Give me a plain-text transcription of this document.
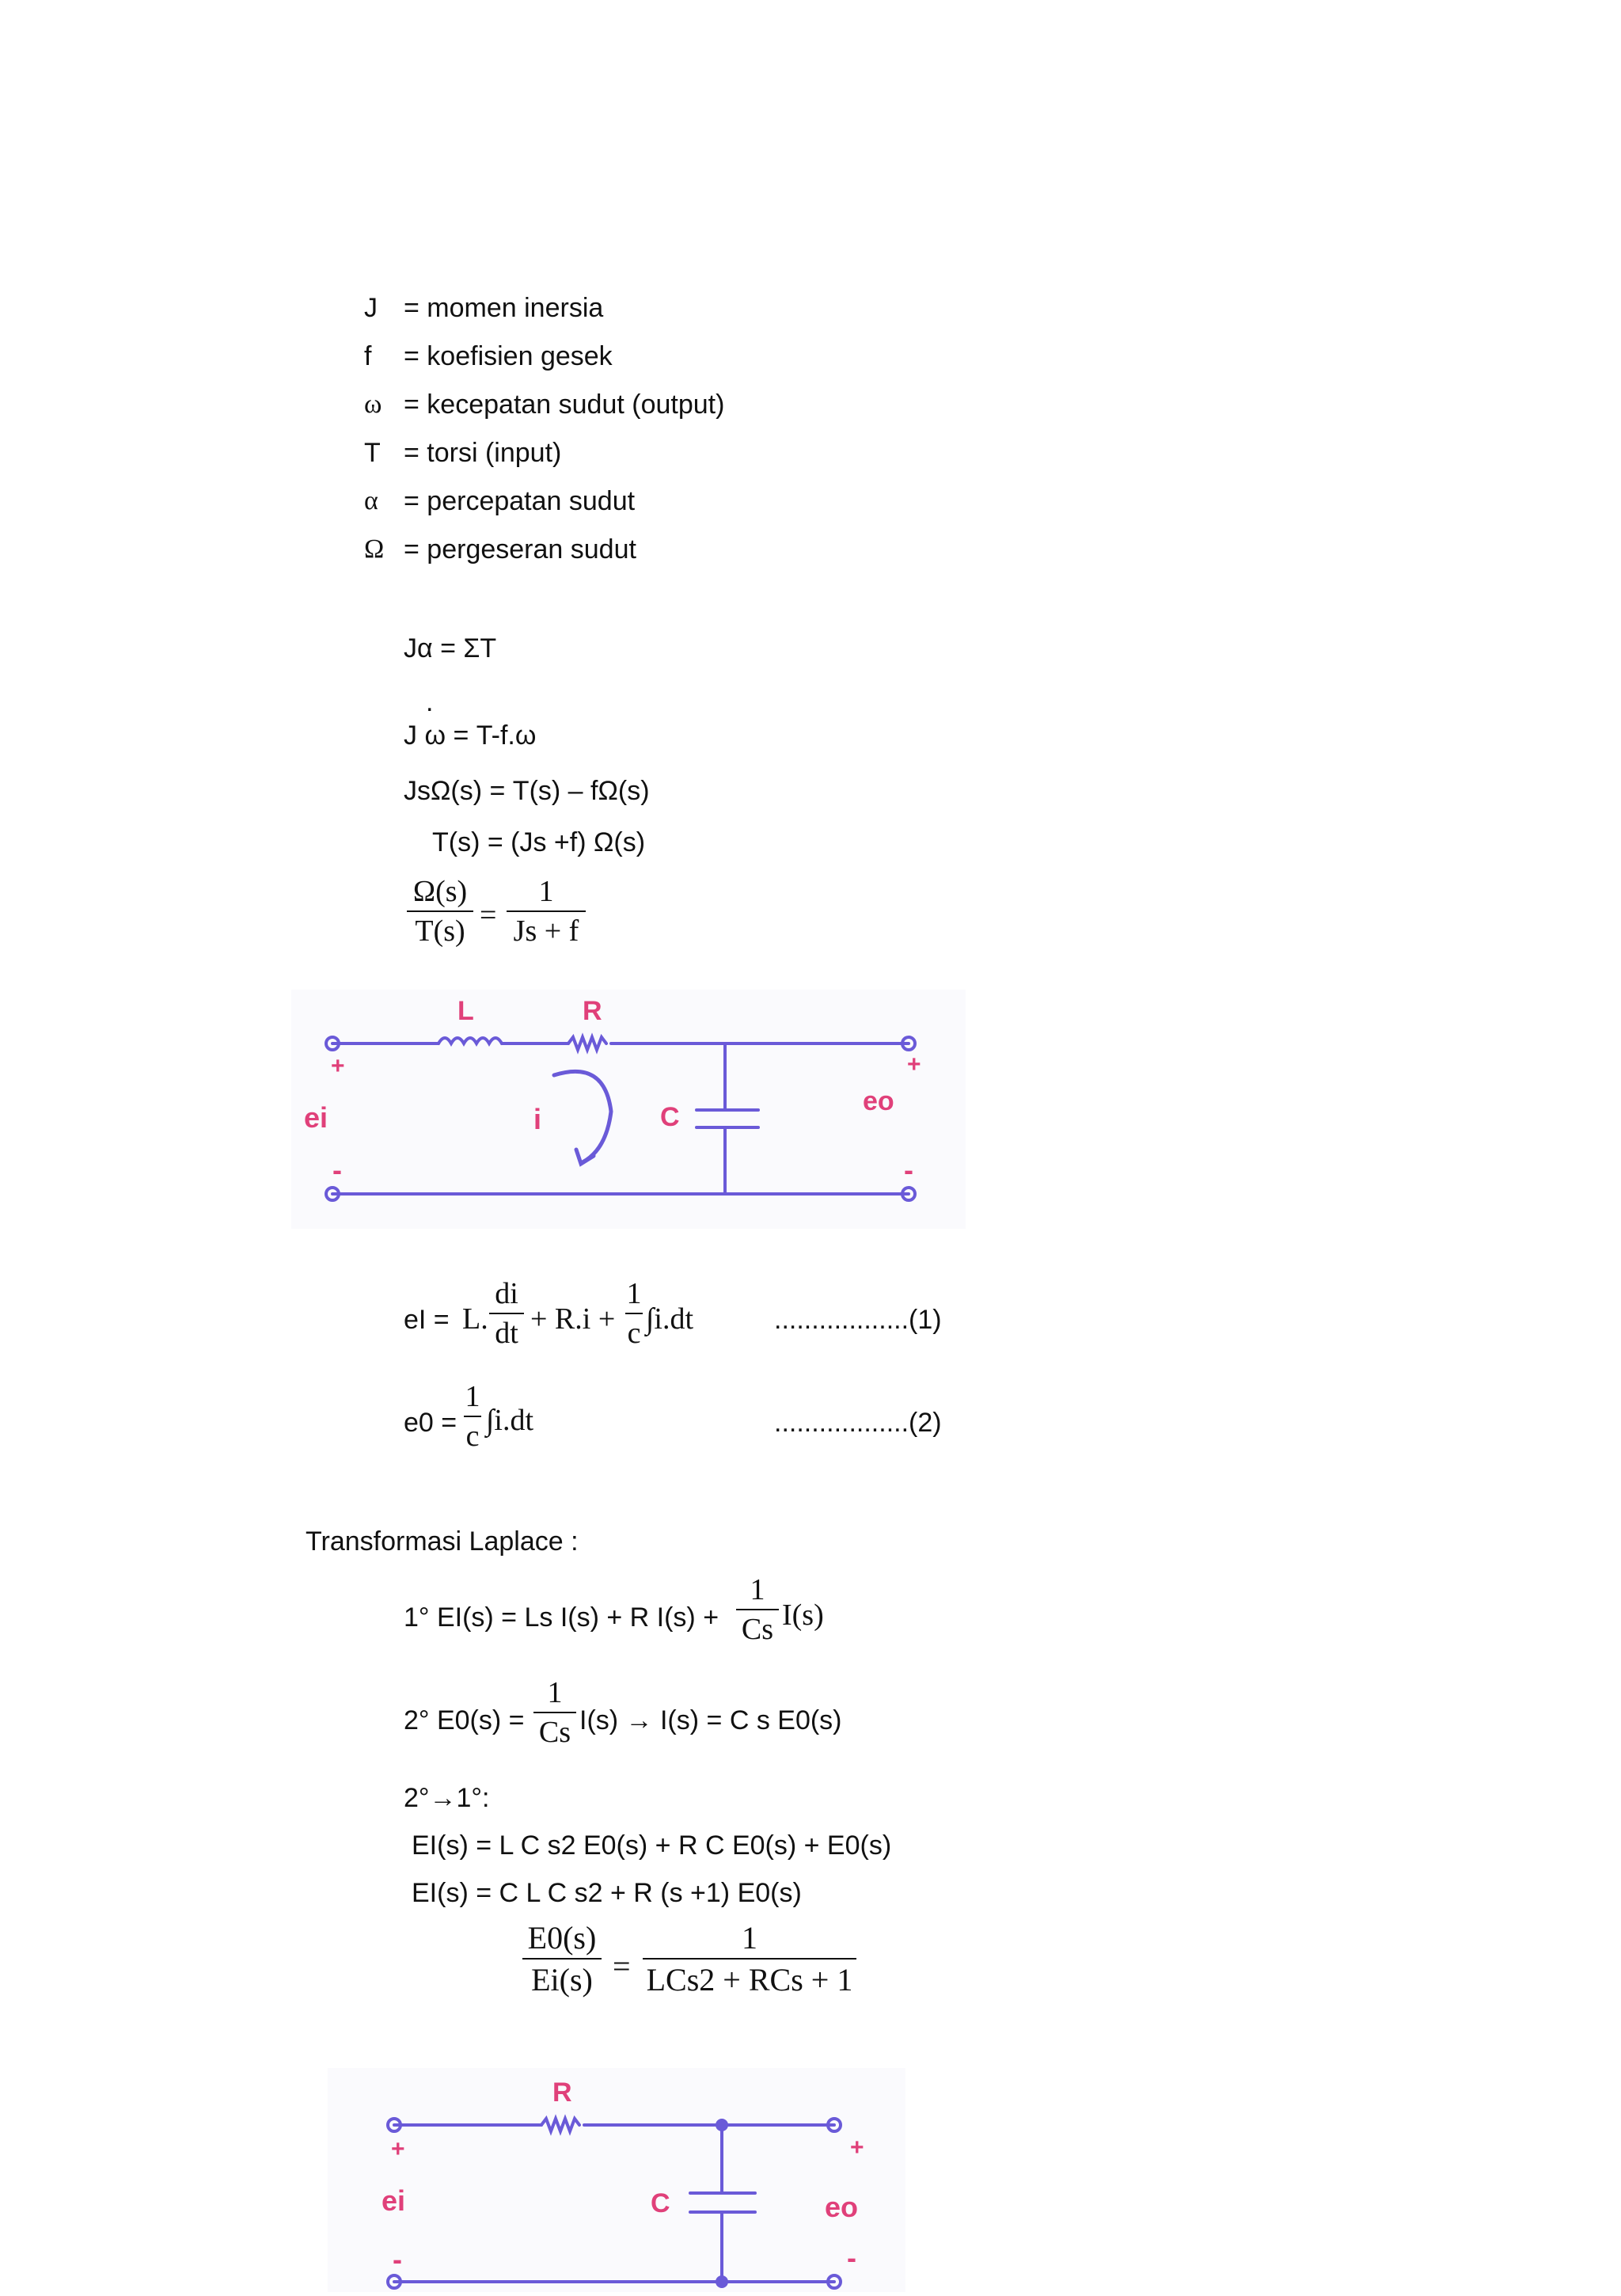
J = momen inersia
f = koefisien gesek
ω = kecepatan sudut (output)
T = torsi (input)
α = percepatan sudut
Ω = pergeseran sudut
Jα = ΣT
.
J ω = T-f.ω
JsΩ(s) = T(s) – fΩ(s)
T(s) = (Js +f) Ω(s)
Ω(s)
T(s) =
1
Js + f
L	R
C
i
ei	eo
+	+
-	-
eI = L.
di
dt + R.i +
1
c ∫i.dt	..................(1)
e0 =
1
c ∫i.dt	..................(2)
Transformasi Laplace :
1° EI(s) = Ls I(s) + R I(s) +
1
Cs I(s)
2° E0(s) =
1
Cs I(s) → I(s) = C s E0(s)
2°→1°:
EI(s) = L C s2 E0(s) + R C E0(s) + E0(s)
EI(s) = C L C s2 + R (s +1) E0(s)
E0(s)
Ei(s) =
1
LCs2 + RCs + 1
R
C
ei	eo
+	+
-	-
